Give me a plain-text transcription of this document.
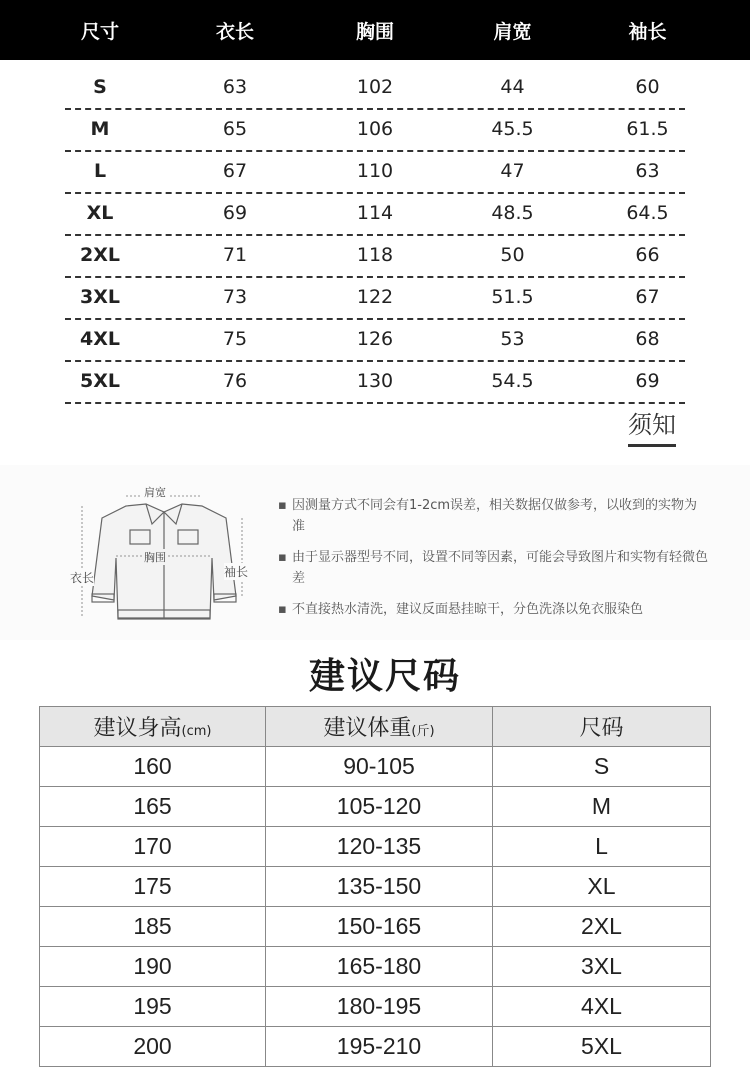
尺寸	衣长	胸围	肩宽	袖长
S	63	102	44	60
M	65	106	45.5	61.5
L	67	110	47	63
XL	69	114	48.5	64.5
2XL	71	118	50	66
3XL	73	122	51.5	67
4XL	75	126	53	68
5XL	76	130	54.5	69
须知
肩宽
胸围
衣长	袖长
▪ 因测量方式不同会有1-2cm误差，相关数据仅做参考，以收到的实物为准
▪ 由于显示器型号不同，设置不同等因素，可能会导致图片和实物有轻微色差
▪ 不直接热水清洗，建议反面悬挂晾干，分色洗涤以免衣服染色
建议尺码
建议身高(cm)	建议体重(斤)	尺码
160	90-105	S
165	105-120	M
170	120-135	L
175	135-150	XL
185	150-165	2XL
190	165-180	3XL
195	180-195	4XL
200	195-210	5XL
